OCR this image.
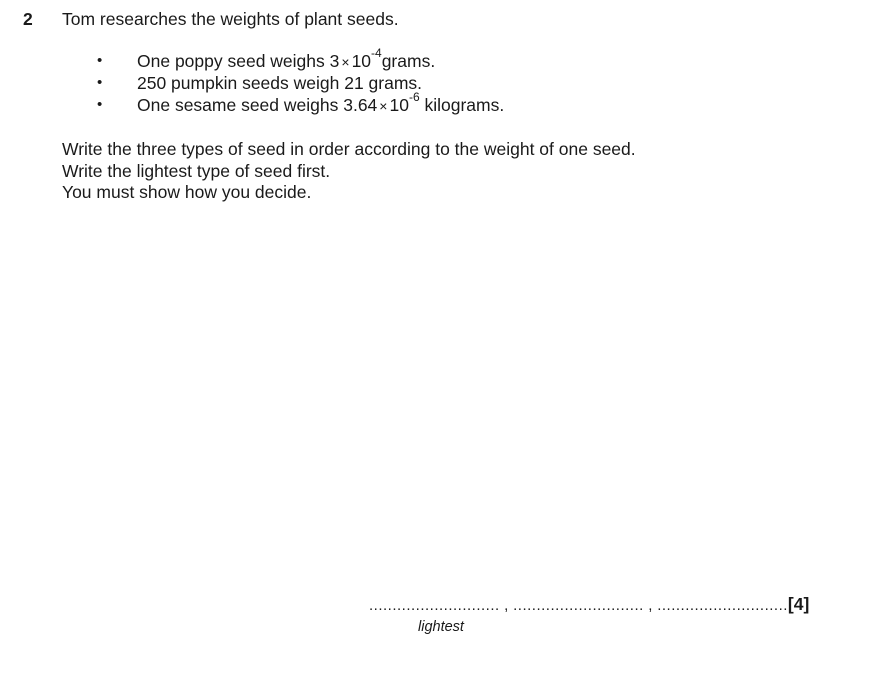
2 Tom researches the weights of plant seeds.
• One poppy seed weighs $3 \times 10^{-4}grams$.
• 250 pumpkin seeds weigh 21 grams.
• One sesame seed weighs $3.64 \times 10^{-6}$ kilograms.
Write the three types of seed in order according to the weight of one seed.
Write the lightest type of seed first.
You must show how you decide.
............................ , ............................ , ............................[4]
lightest
